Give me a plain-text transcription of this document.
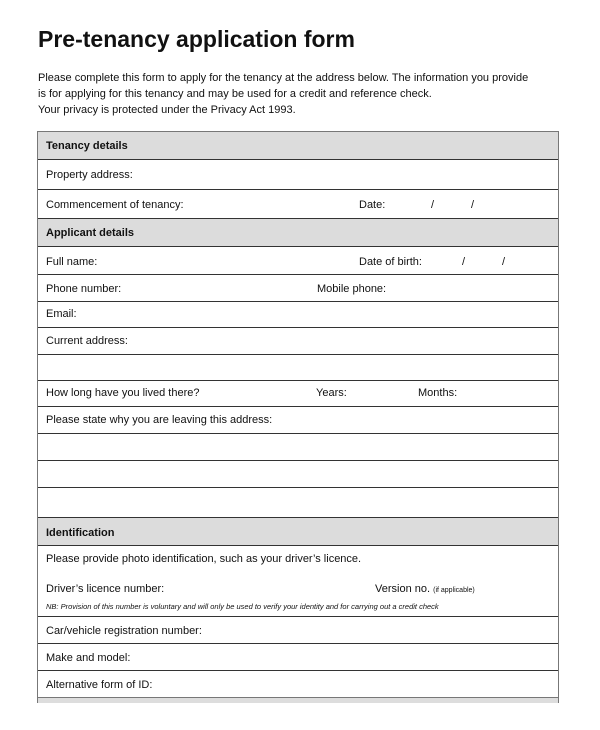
Pre-tenancy application form
Please complete this form to apply for the tenancy at the address below. The information you provide
is for applying for this tenancy and may be used for a credit and reference check.
Your privacy is protected under the Privacy Act 1993.
Tenancy details
Property address:
Commencement of tenancy:	Date:	/	/
Applicant details
Full name:	Date of birth:	/	/
Phone number:	Mobile phone:
Email:
Current address:
How long have you lived there?	Years:	Months:
Please state why you are leaving this address:
Identification
Please provide photo identification, such as your driver’s licence.
Driver’s licence number:	Version no. (if applicable)
NB: Provision of this number is voluntary and will only be used to verify your identity and for carrying out a credit check
Car/vehicle registration number:
Make and model:
Alternative form of ID:
